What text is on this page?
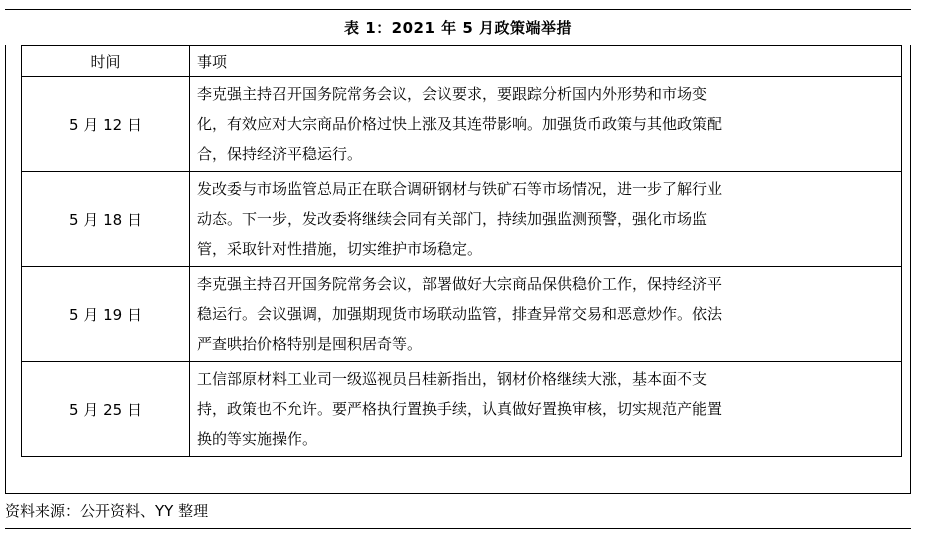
表 1：2021 年 5 月政策端举措
时间	事项
5 月 12 日	李克强主持召开国务院常务会议，会议要求，要跟踪分析国内外形势和市场变
化，有效应对大宗商品价格过快上涨及其连带影响。加强货币政策与其他政策配
合，保持经济平稳运行。

5 月 18 日	发改委与市场监管总局正在联合调研钢材与铁矿石等市场情况，进一步了解行业
动态。下一步，发改委将继续会同有关部门，持续加强监测预警，强化市场监
管，采取针对性措施，切实维护市场稳定。

5 月 19 日	李克强主持召开国务院常务会议，部署做好大宗商品保供稳价工作，保持经济平
稳运行。会议强调，加强期现货市场联动监管，排查异常交易和恶意炒作。依法
严查哄抬价格特别是囤积居奇等。

5 月 25 日	工信部原材料工业司一级巡视员吕桂新指出，钢材价格继续大涨，基本面不支
持，政策也不允许。要严格执行置换手续，认真做好置换审核，切实规范产能置
换的等实施操作。
资料来源：公开资料、YY 整理
